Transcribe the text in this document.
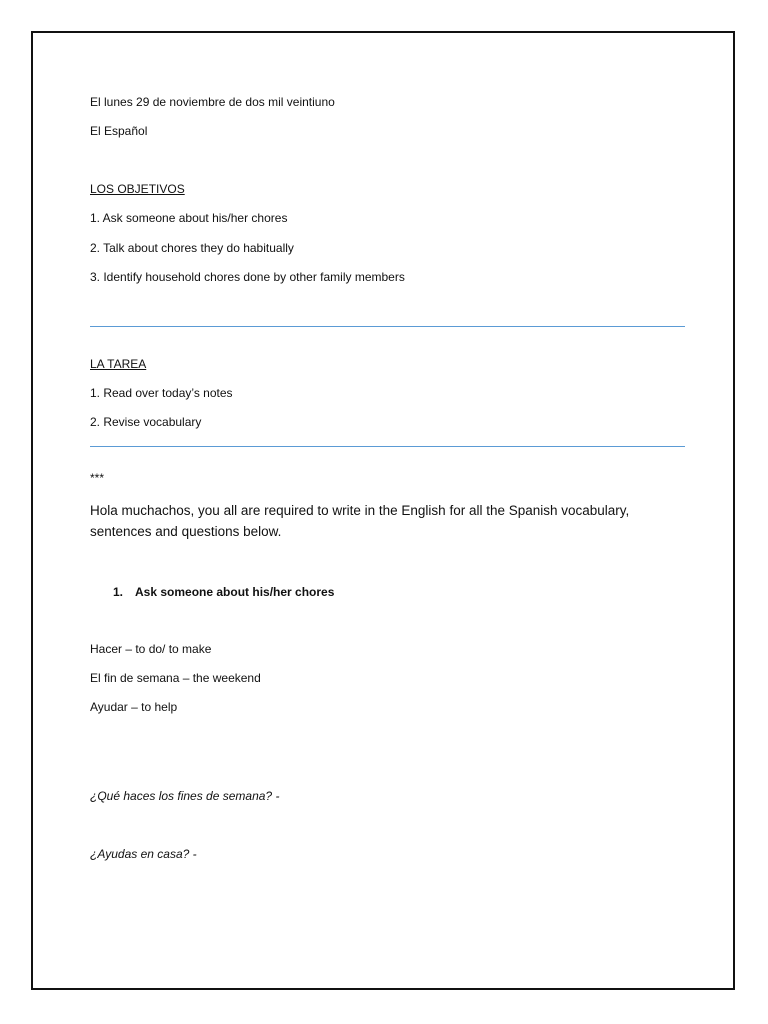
El lunes 29 de noviembre de dos mil veintiuno

El Español

LOS OBJETIVOS

1. Ask someone about his/her chores

2. Talk about chores they do habitually

3. Identify household chores done by other family members

LA TAREA

1. Read over today’s notes

2. Revise vocabulary

***

Hola muchachos, you all are required to write in the English for all the Spanish vocabulary, sentences and questions below.

1. Ask someone about his/her chores

Hacer – to do/ to make

El fin de semana – the weekend

Ayudar – to help

¿Qué haces los fines de semana? -

¿Ayudas en casa? -
